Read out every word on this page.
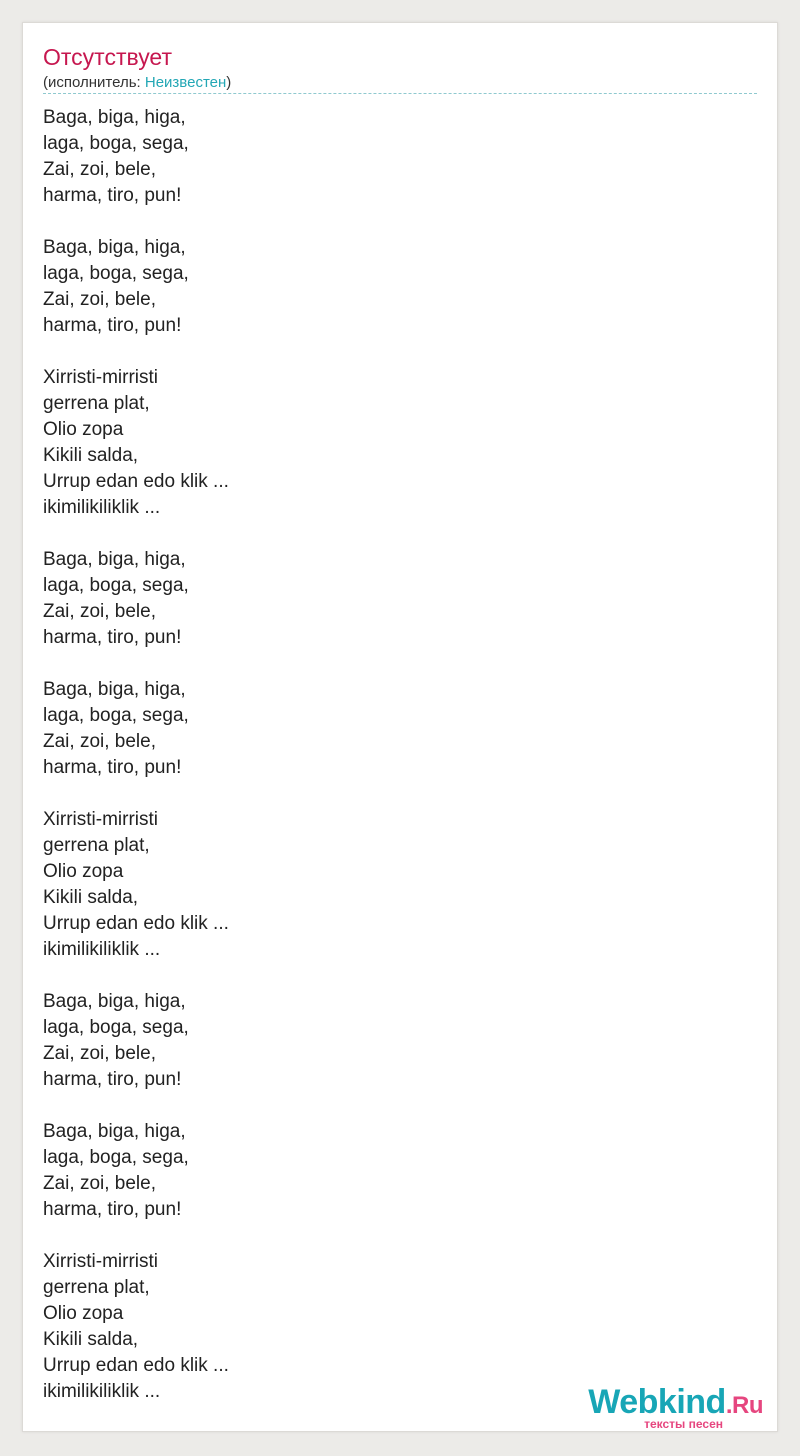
Отсутствует
(исполнитель: Неизвестен)
Baga, biga, higa,
laga, boga, sega,
Zai, zoi, bele,
harma, tiro, pun!
Baga, biga, higa,
laga, boga, sega,
Zai, zoi, bele,
harma, tiro, pun!
Xirristi-mirristi
gerrena plat,
Olio zopa
Kikili salda,
Urrup edan edo klik ...
ikimilikiliklik ...
Baga, biga, higa,
laga, boga, sega,
Zai, zoi, bele,
harma, tiro, pun!
Baga, biga, higa,
laga, boga, sega,
Zai, zoi, bele,
harma, tiro, pun!
Xirristi-mirristi
gerrena plat,
Olio zopa
Kikili salda,
Urrup edan edo klik ...
ikimilikiliklik ...
Baga, biga, higa,
laga, boga, sega,
Zai, zoi, bele,
harma, tiro, pun!
Baga, biga, higa,
laga, boga, sega,
Zai, zoi, bele,
harma, tiro, pun!
Xirristi-mirristi
gerrena plat,
Olio zopa
Kikili salda,
Urrup edan edo klik ...
ikimilikiliklik ...	Webkind.Ru
тексты песен
